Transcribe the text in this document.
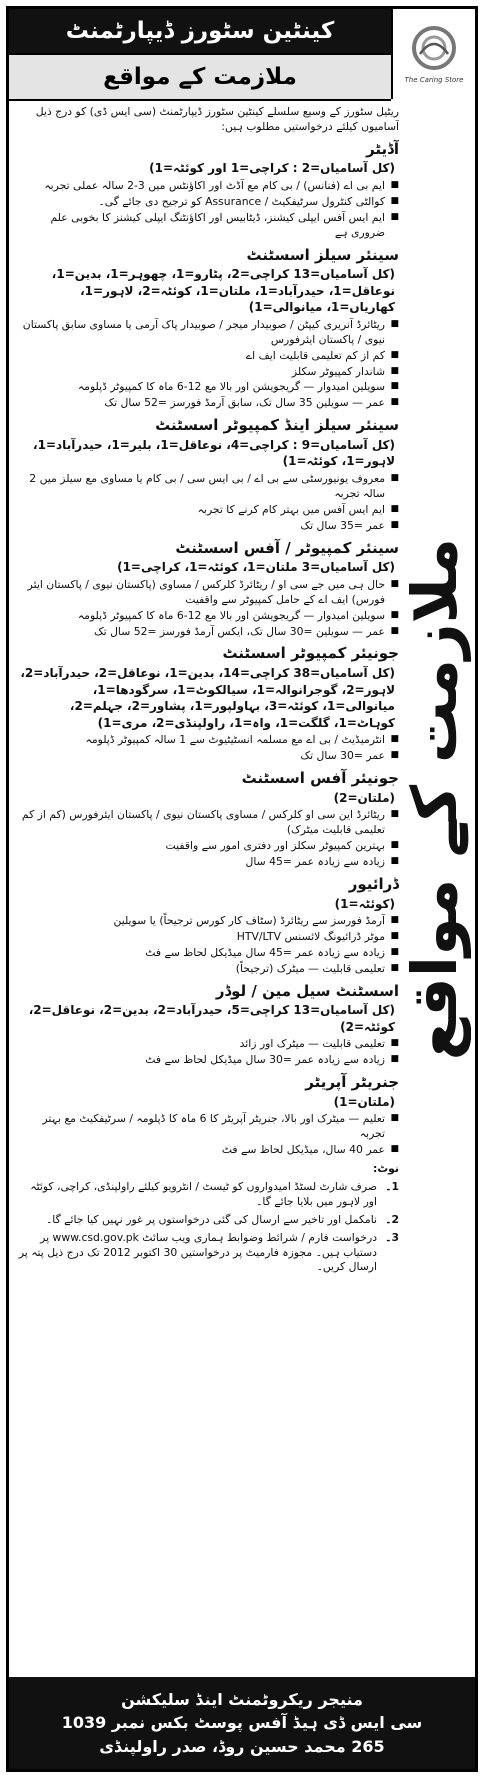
کینٹین سٹورز ڈیپارٹمنٹ
ملازمت کے مواقع	The Caring Store
ملازمت کے مواقع

ریٹیل سٹورز کے وسیع سلسلے کینٹین سٹورز ڈیپارٹمنٹ (سی ایس ڈی) کو درج ذیل آسامیوں کیلئے درخواستیں مطلوب ہیں:

آڈیٹر
(کل آسامیاں=2 : کراچی=1 اور کوئٹہ=1)
■ ایم بی اے (فنانس) / بی کام مع آڈٹ اور اکاؤنٹس میں 3-2 سالہ عملی تجربہ
■ کوالٹی کنٹرول سرٹیفکیٹ / Assurance کو ترجیح دی جائے گی۔
■ ایم ایس آفس ایپلی کیشنز، ڈیٹابیس اور اکاؤنٹنگ ایپلی کیشنز کا بخوبی علم ضروری ہے
سینئر سیلز اسسٹنٹ
(کل آسامیاں=13 کراچی=2، پٹارو=1، چھوہر=1، بدین=1، نوعاقل=1، حیدرآباد=1، ملتان=1، کوئٹہ=2، لاہور=1، کھاریاں=1، میانوالی=1)
■ ریٹائرڈ آنریری کیپٹن / صوبیدار میجر / صوبیدار پاک آرمی یا مساوی سابق پاکستان نیوی / پاکستان ایئرفورس
■ کم از کم تعلیمی قابلیت ایف اے
■ شاندار کمپیوٹر سکلز
■ سویلین امیدوار — گریجویشن اور بالا مع 12-6 ماہ کا کمپیوٹر ڈپلومہ
■ عمر — سویلین 35 سال تک، سابق آرمڈ فورسز =52 سال تک
سینئر سیلز اینڈ کمپیوٹر اسسٹنٹ
(کل آسامیاں=9 : کراچی=4، نوعاقل=1، بلیر=1، حیدرآباد=1، لاہور=1، کوئٹہ=1)
■ معروف یونیورسٹی سے بی اے / بی ایس سی / بی کام یا مساوی مع سیلز میں 2 سالہ تجربہ
■ ایم ایس آفس میں بہتر کام کرنے کا تجربہ
■ عمر =35 سال تک
سینئر کمپیوٹر / آفس اسسٹنٹ
(کل آسامیاں=3 ملتان=1، کوئٹہ=1، کراچی=1)
■ حال ہی میں جے سی او / ریٹائرڈ کلرکس / مساوی (پاکستان نیوی / پاکستان ایئر فورس) ایف اے کے حامل کمپیوٹر سے واقفیت
■ سویلین امیدوار — گریجویشن اور بالا مع 12-6 ماہ کا کمپیوٹر ڈپلومہ
■ عمر — سویلین =30 سال تک، ایکس آرمڈ فورسز =52 سال تک
جونیئر کمپیوٹر اسسٹنٹ
(کل آسامیاں=38 کراچی=14، بدین=1، نوعاقل=2، حیدرآباد=2، لاہور=2، گوجرانوالہ=1، سیالکوٹ=1، سرگودھا=1، میانوالی=1، کوئٹہ=3، بہاولپور=1، پشاور=2، جہلم=2، کوہاٹ=1، گلگت=1، واہ=1، راولپنڈی=2، مری=1)
■ انٹرمیڈیٹ / بی اے مع مسلمہ انسٹیٹیوٹ سے 1 سالہ کمپیوٹر ڈپلومہ
■ عمر =30 سال تک
جونیئر آفس اسسٹنٹ
(ملتان=2)
■ ریٹائرڈ این سی او کلرکس / مساوی پاکستان نیوی / پاکستان ایئرفورس (کم از کم تعلیمی قابلیت میٹرک)
■ بہترین کمپیوٹر سکلز اور دفتری امور سے واقفیت
■ زیادہ سے زیادہ عمر =45 سال
ڈرائیور
(کوئٹہ=1)
■ آرمڈ فورسز سے ریٹائرڈ (سٹاف کار کورس ترجیحاً) یا سویلین
■ موٹر ڈرائیونگ لائسنس HTV/LTV
■ زیادہ سے زیادہ عمر =45 سال میڈیکل لحاظ سے فٹ
■ تعلیمی قابلیت — میٹرک (ترجیحاً)
اسسٹنٹ سیل مین / لوڈر
(کل آسامیاں=13 کراچی=5، حیدرآباد=2، بدین=2، نوعاقل=2، کوئٹہ=2)
■ تعلیمی قابلیت — میٹرک اور زائد
■ زیادہ سے زیادہ عمر =30 سال میڈیکل لحاظ سے فٹ
جنریٹر آپریٹر
(ملتان=1)
■ تعلیم — میٹرک اور بالا، جنریٹر آپریٹر کا 6 ماہ کا ڈپلومہ / سرٹیفکیٹ مع بہتر تجربہ
■ عمر 40 سال، میڈیکل لحاظ سے فٹ
نوٹ:
1۔
صرف شارٹ لسٹڈ امیدواروں کو ٹیسٹ / انٹرویو کیلئے راولپنڈی، کراچی، کوئٹہ اور لاہور میں بلایا جائے گا۔
2۔
نامکمل اور تاخیر سے ارسال کی گئی درخواستوں پر غور نہیں کیا جائے گا۔
3۔
درخواست فارم / شرائط وضوابط ہماری ویب سائٹ www.csd.gov.pk پر دستیاب ہیں۔ مجوزہ فارمیٹ پر درخواستیں 30 اکتوبر 2012 تک درج ذیل پتہ پر ارسال کریں۔
منیجر ریکروٹمنٹ اینڈ سلیکشن
سی ایس ڈی ہیڈ آفس پوسٹ بکس نمبر 1039
265 محمد حسین روڈ، صدر راولپنڈی
